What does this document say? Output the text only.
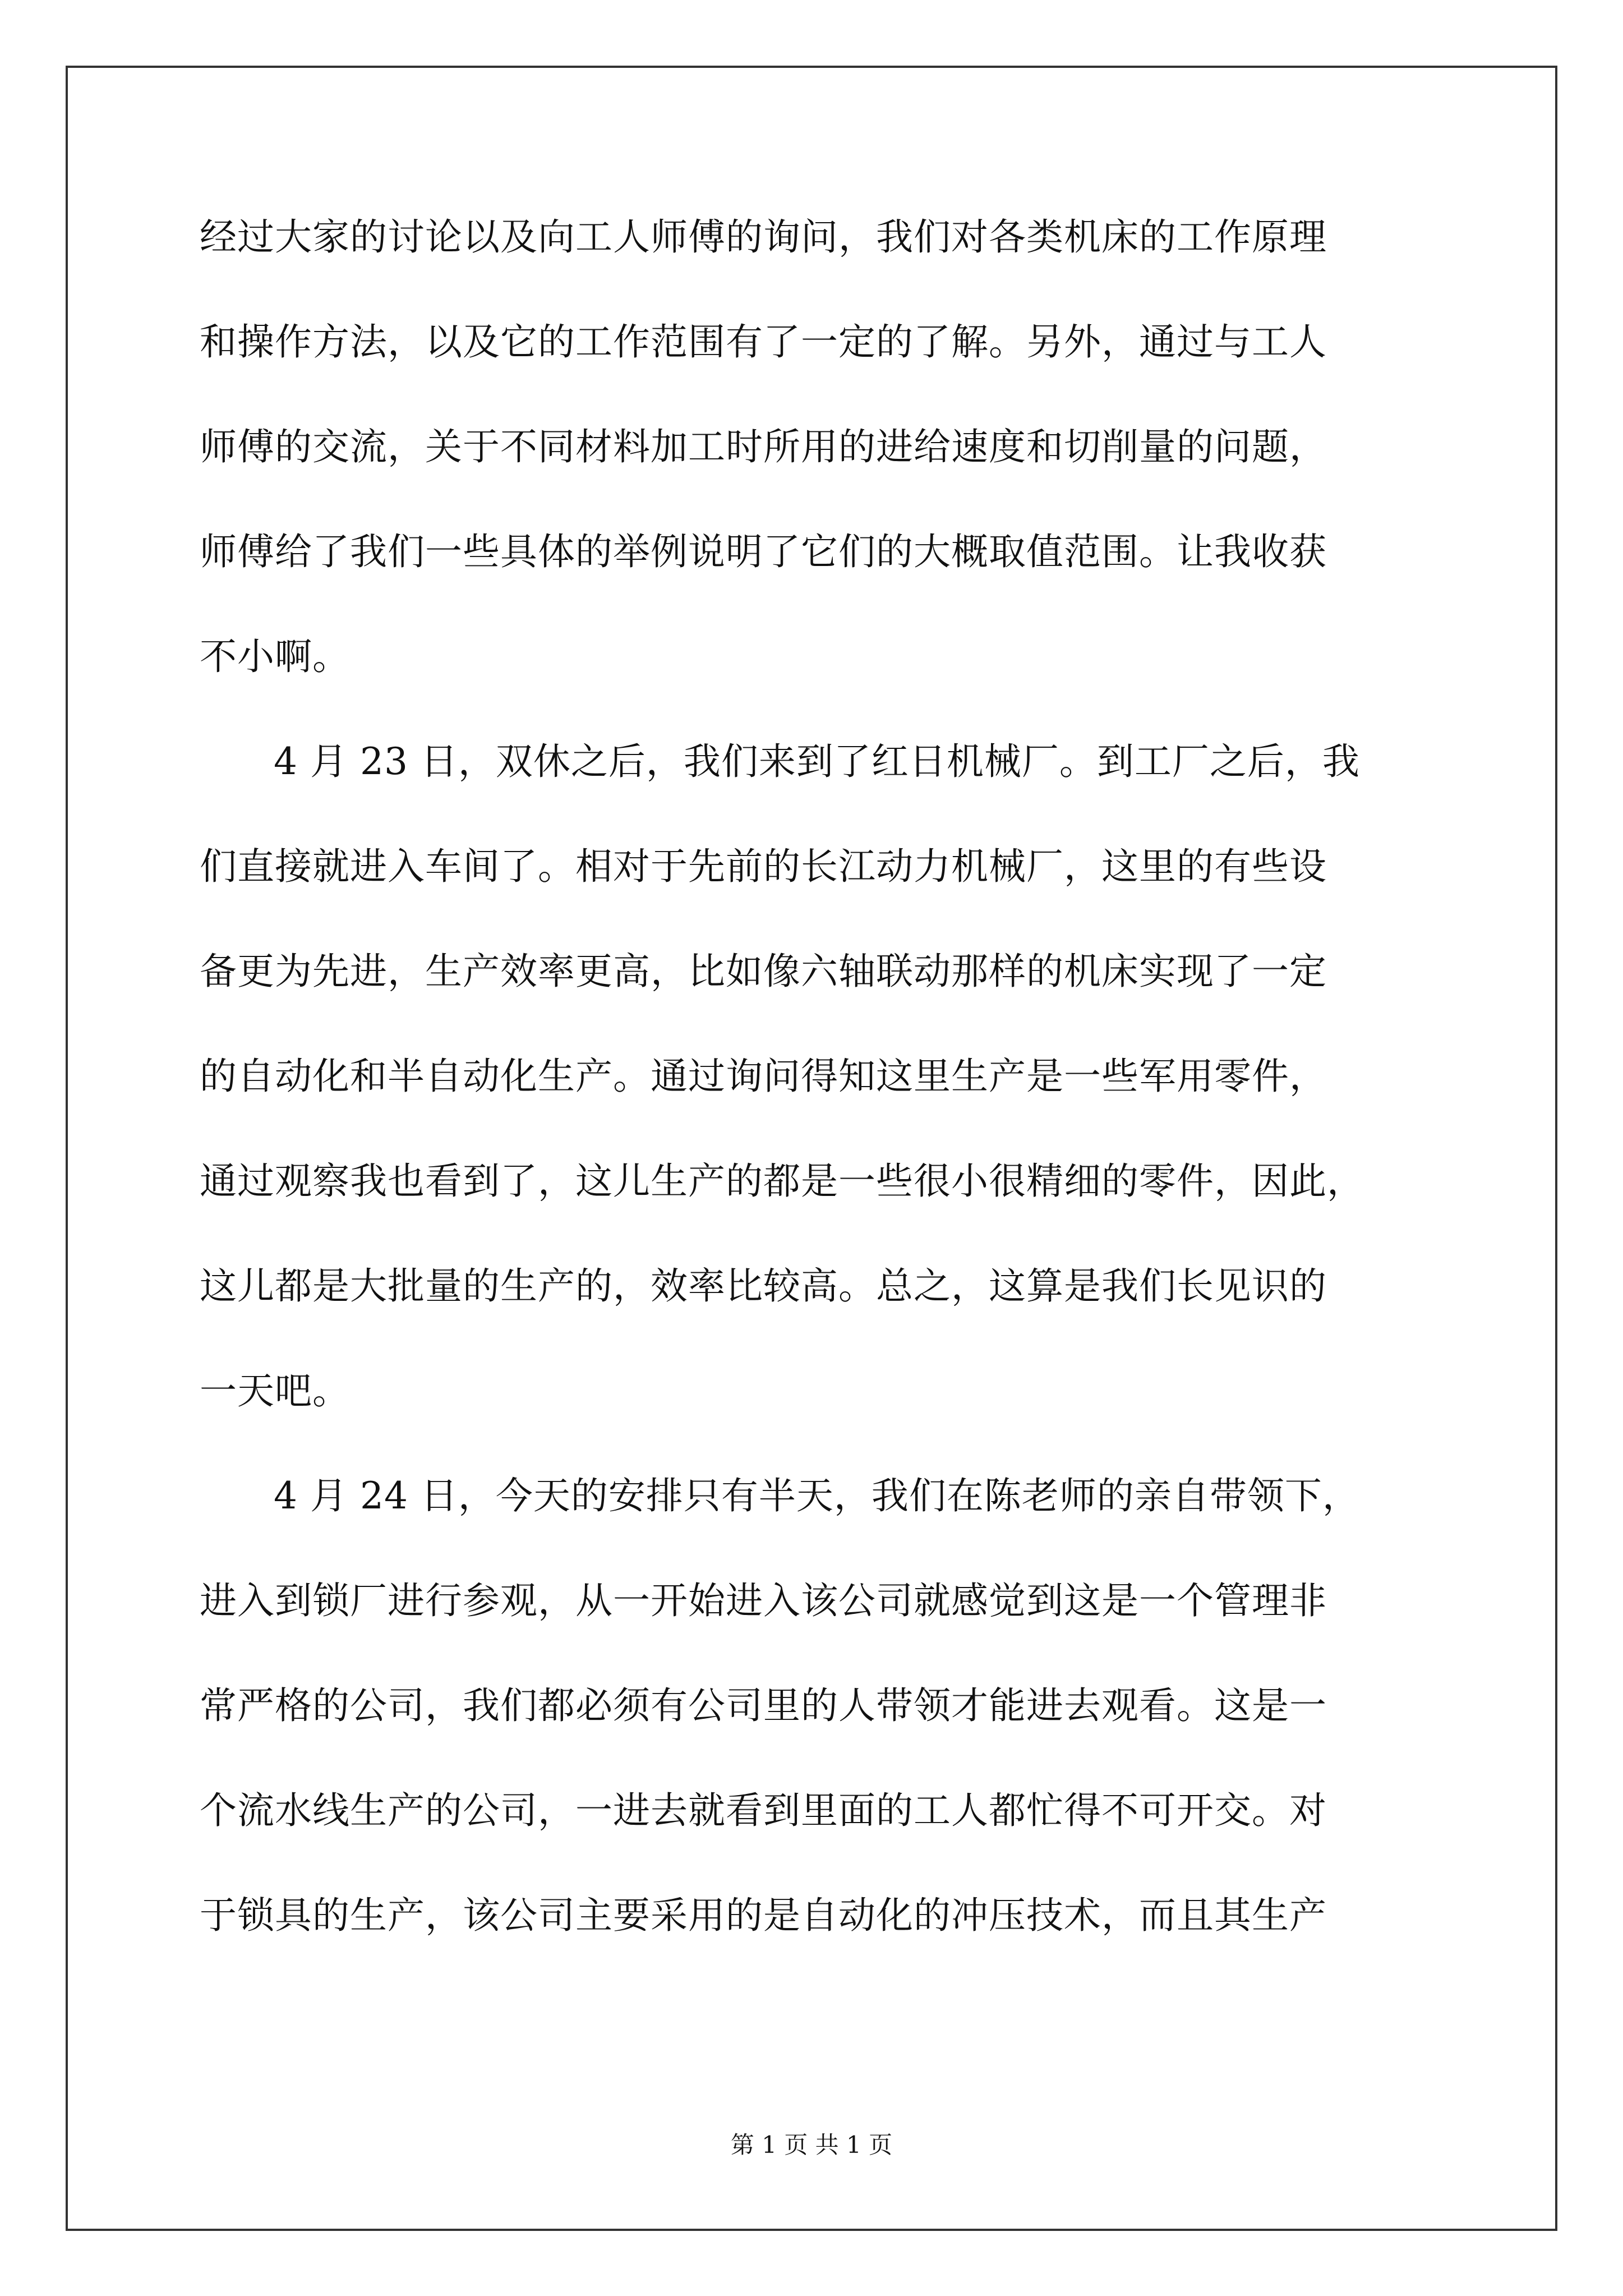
经过大家的讨论以及向工人师傅的询问，我们对各类机床的工作原理
和操作方法，以及它的工作范围有了一定的了解。另外，通过与工人
师傅的交流，关于不同材料加工时所用的进给速度和切削量的问题，
师傅给了我们一些具体的举例说明了它们的大概取值范围。让我收获
不小啊。
4 月 23 日，双休之后，我们来到了红日机械厂。到工厂之后，我
们直接就进入车间了。相对于先前的长江动力机械厂，这里的有些设
备更为先进，生产效率更高，比如像六轴联动那样的机床实现了一定
的自动化和半自动化生产。通过询问得知这里生产是一些军用零件，
通过观察我也看到了，这儿生产的都是一些很小很精细的零件，因此，
这儿都是大批量的生产的，效率比较高。总之，这算是我们长见识的
一天吧。
4 月 24 日，今天的安排只有半天，我们在陈老师的亲自带领下，
进入到锁厂进行参观，从一开始进入该公司就感觉到这是一个管理非
常严格的公司，我们都必须有公司里的人带领才能进去观看。这是一
个流水线生产的公司，一进去就看到里面的工人都忙得不可开交。对
于锁具的生产，该公司主要采用的是自动化的冲压技术，而且其生产
第 1 页 共 1 页
